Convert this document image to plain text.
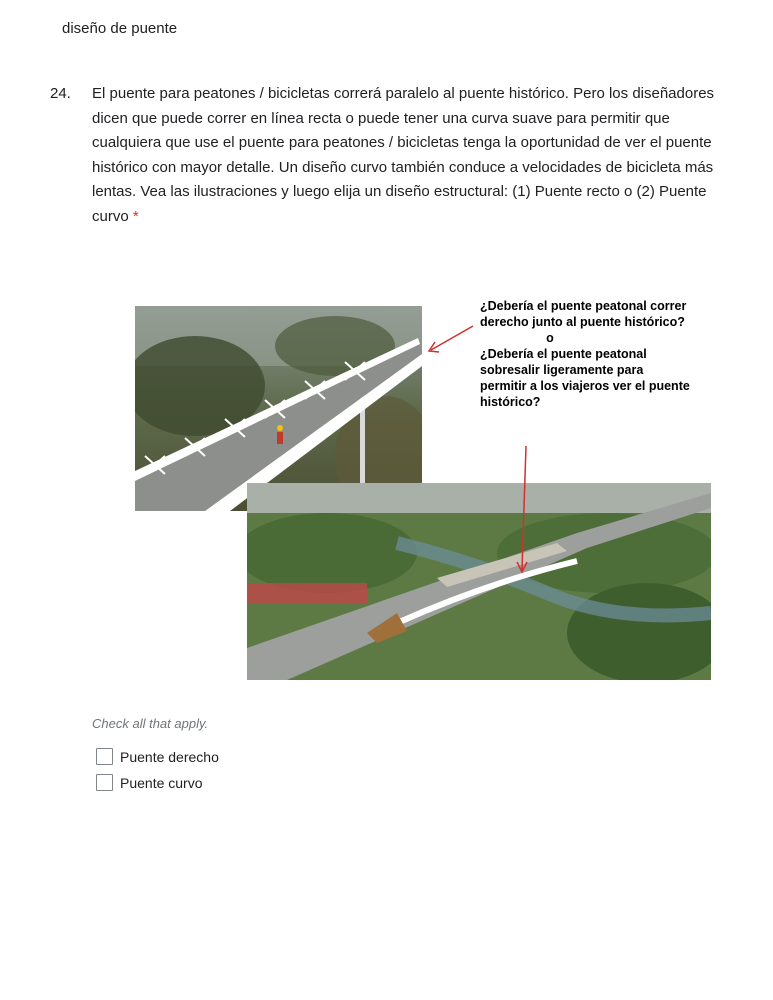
diseño de puente
24. El puente para peatones / bicicletas correrá paralelo al puente histórico. Pero los diseñadores dicen que puede correr en línea recta o puede tener una curva suave para permitir que cualquiera que use el puente para peatones / bicicletas tenga la oportunidad de ver el puente histórico con mayor detalle. Un diseño curvo también conduce a velocidades de bicicleta más lentas. Vea las ilustraciones y luego elija un diseño estructural: (1) Puente recto o (2) Puente curvo *
¿Debería el puente peatonal correr derecho junto al puente histórico?
o
¿Debería el puente peatonal sobresalir ligeramente para permitir a los viajeros ver el puente histórico?
Check all that apply.
Puente derecho
Puente curvo
